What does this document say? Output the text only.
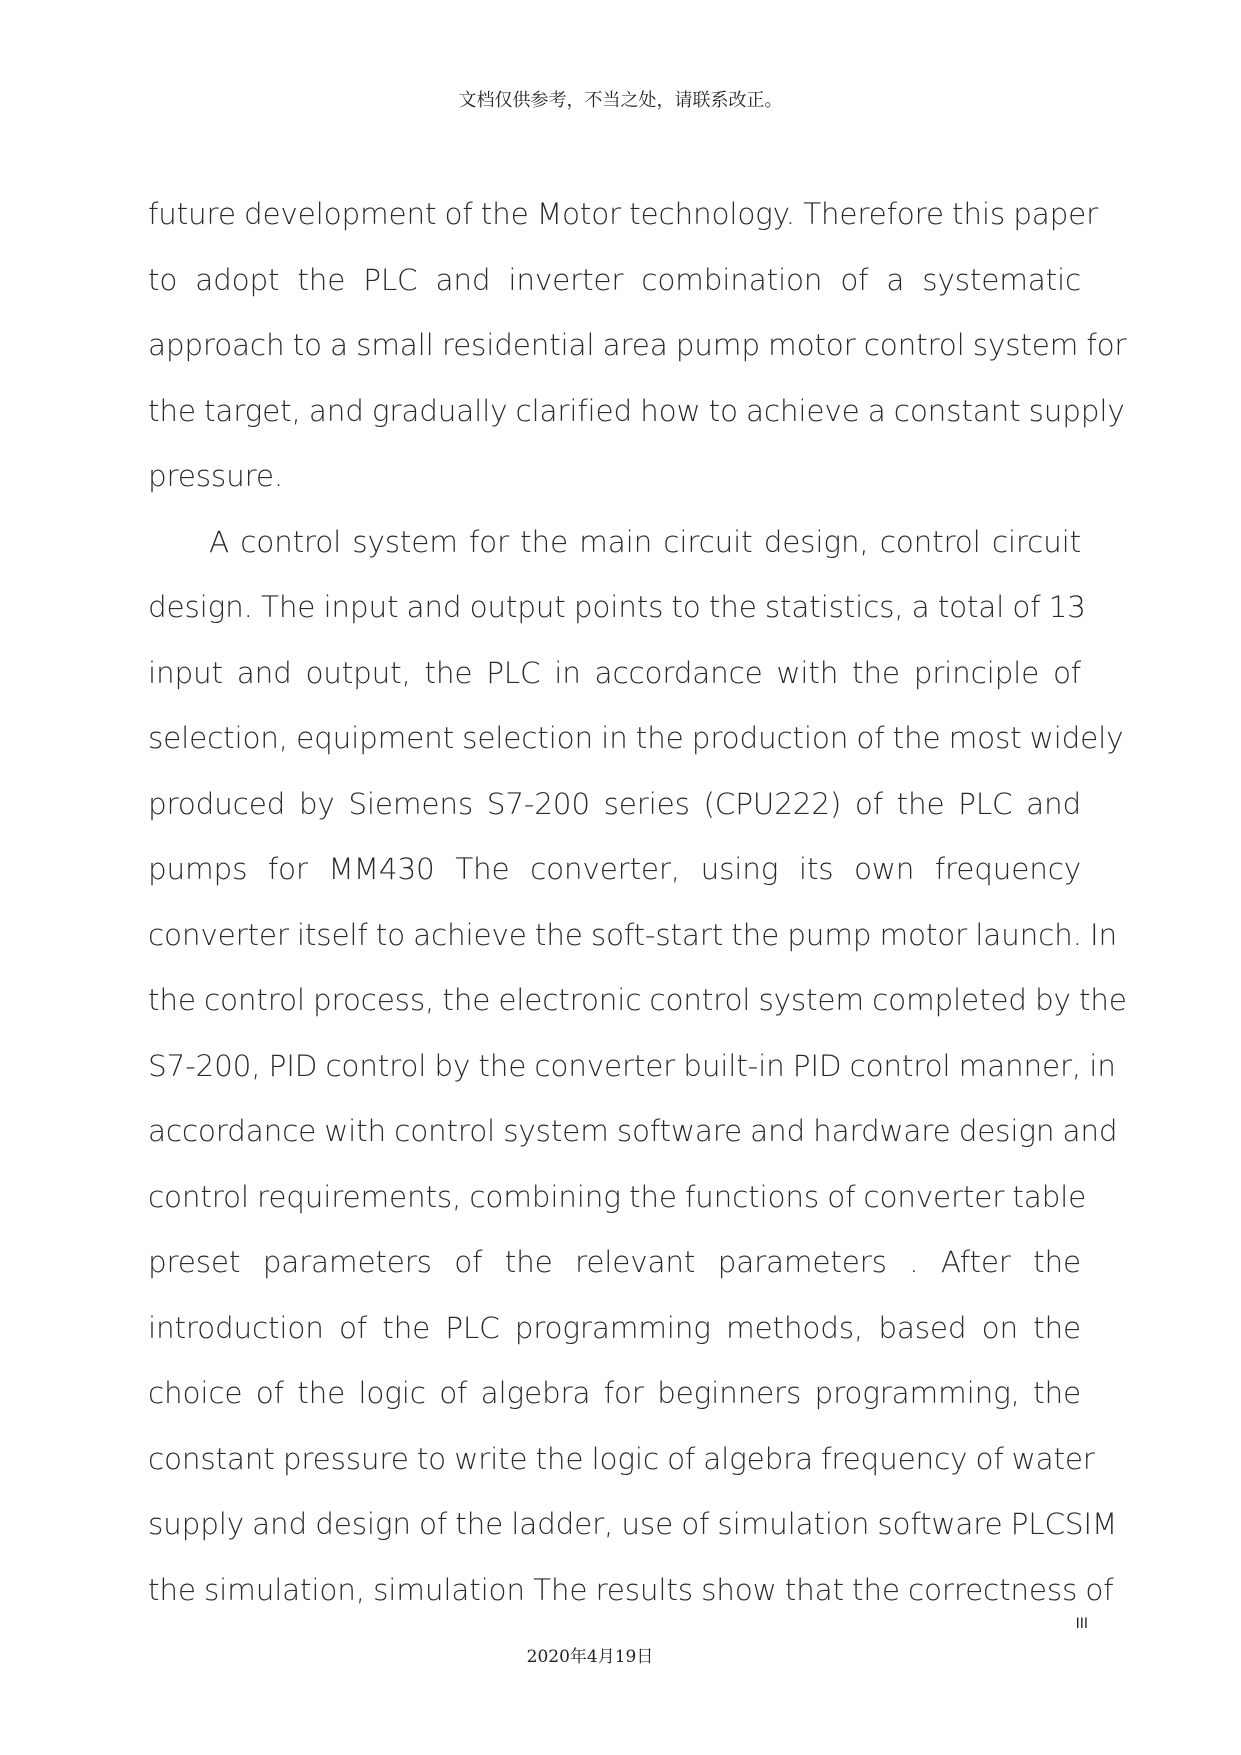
文档仅供参考，不当之处，请联系改正。
future development of the Motor technology. Therefore this paper
to adopt the PLC and inverter combination of a systematic
approach to a small residential area pump motor control system for
the target, and gradually clarified how to achieve a constant supply
pressure.
A control system for the main circuit design, control circuit
design. The input and output points to the statistics, a total of 13
input and output, the PLC in accordance with the principle of
selection, equipment selection in the production of the most widely
produced by Siemens S7-200 series (CPU222) of the PLC and
pumps for MM430 The converter, using its own frequency
converter itself to achieve the soft-start the pump motor launch. In
the control process, the electronic control system completed by the
S7-200, PID control by the converter built-in PID control manner, in
accordance with control system software and hardware design and
control requirements, combining the functions of converter table
preset parameters of the relevant parameters . After the
introduction of the PLC programming methods, based on the
choice of the logic of algebra for beginners programming, the
constant pressure to write the logic of algebra frequency of water
supply and design of the ladder, use of simulation software PLCSIM
the simulation, simulation The results show that the correctness of
III
2020年4月19日
